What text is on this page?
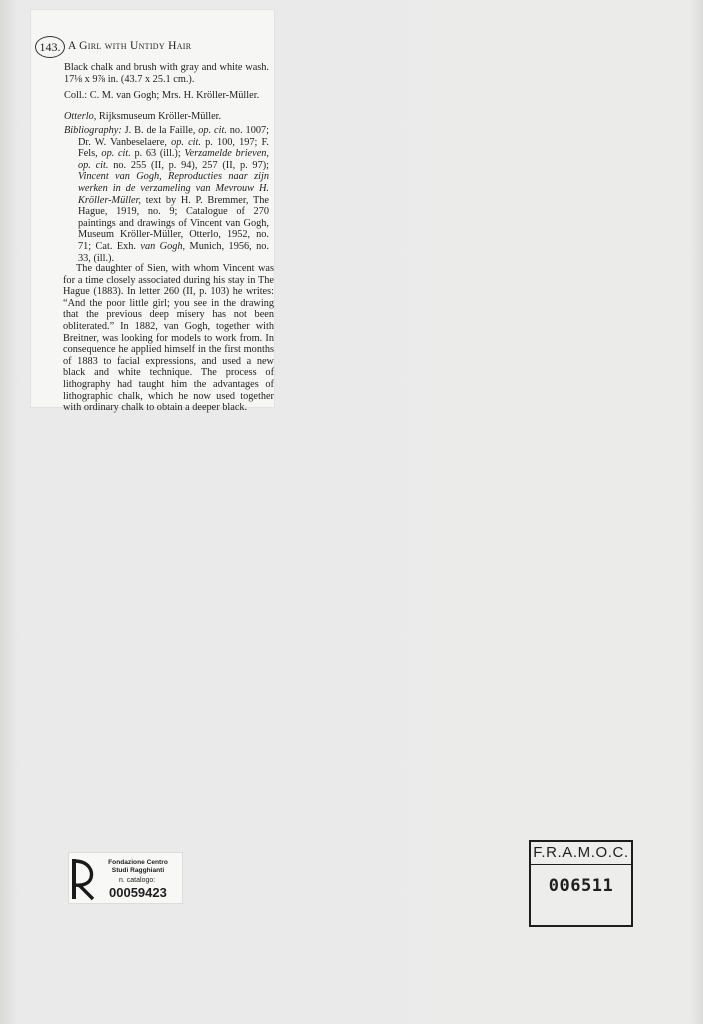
143. A Girl with Untidy Hair
Black chalk and brush with gray and white wash. 17⅛ x 9⅞ in. (43.7 x 25.1 cm.).
Coll.: C. M. van Gogh; Mrs. H. Kröller-Müller.
Otterlo, Rijksmuseum Kröller-Müller.
Bibliography: J. B. de la Faille, op. cit. no. 1007; Dr. W. Vanbeselaere, op. cit. p. 100, 197; F. Fels, op. cit. p. 63 (ill.); Verzamelde brieven, op. cit. no. 255 (II, p. 94), 257 (II, p. 97); Vincent van Gogh, Reproducties naar zijn werken in de verzameling van Mevrouw H. Kröller-Müller, text by H. P. Bremmer, The Hague, 1919, no. 9; Catalogue of 270 paintings and drawings of Vincent van Gogh, Museum Kröller-Müller, Otterlo, 1952, no. 71; Cat. Exh. van Gogh, Munich, 1956, no. 33, (ill.).
The daughter of Sien, with whom Vincent was for a time closely associated during his stay in The Hague (1883). In letter 260 (II, p. 103) he writes: “And the poor little girl; you see in the drawing that the previous deep misery has not been obliterated.” In 1882, van Gogh, together with Breitner, was looking for models to work from. In consequence he applied himself in the first months of 1883 to facial expressions, and used a new black and white technique. The process of lithography had taught him the advantages of lithographic chalk, which he now used together with ordinary chalk to obtain a deeper black.
Fondazione Centro
Studi Ragghianti
n. catalogo:
00059423
F.R.A.M.O.C.
006511
